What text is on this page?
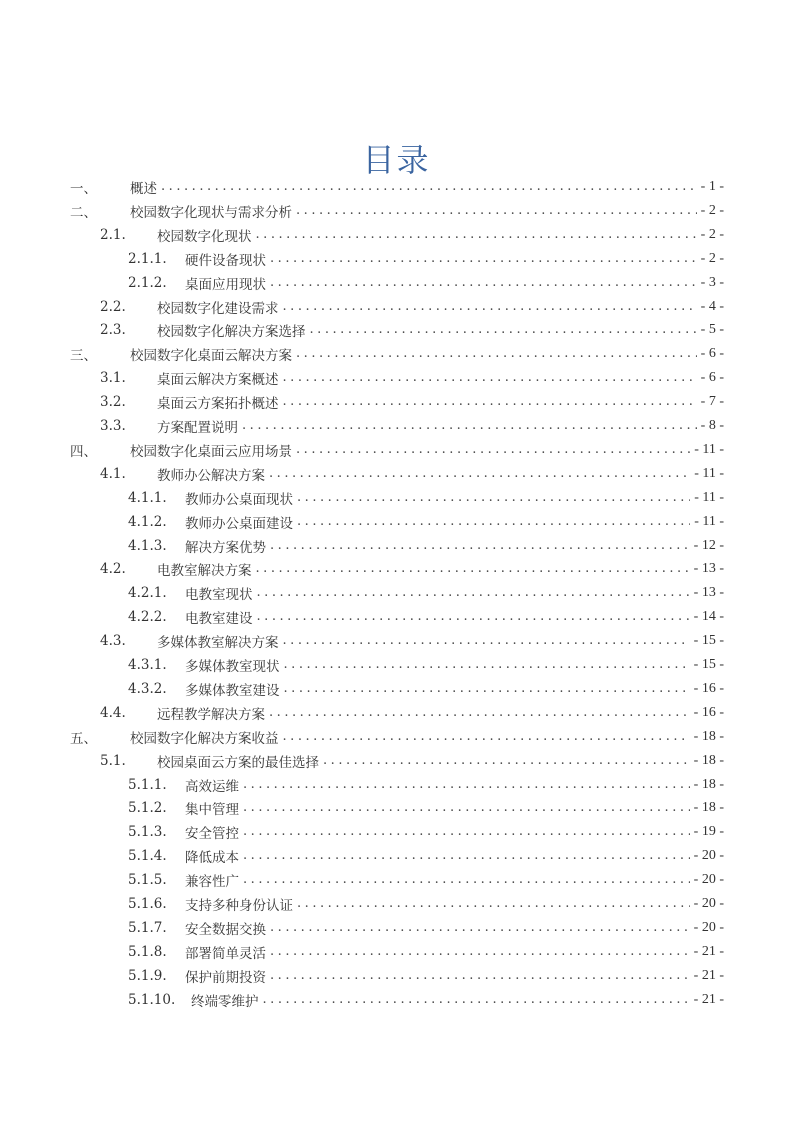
目录
一、	概述 . . .	- 1 -
二、	校园数字化现状与需求分析 . . .	- 2 -
2.1.	校园数字化现状 . . .	- 2 -
2.1.1.	硬件设备现状 . . .	- 2 -
2.1.2.	桌面应用现状 . . .	- 3 -
2.2.	校园数字化建设需求 . . .	- 4 -
2.3.	校园数字化解决方案选择 . . .	- 5 -
三、	校园数字化桌面云解决方案 . . .	- 6 -
3.1.	桌面云解决方案概述 . . .	- 6 -
3.2.	桌面云方案拓扑概述 . . .	- 7 -
3.3.	方案配置说明 . . .	- 8 -
四、	校园数字化桌面云应用场景 . . .	- 11 -
4.1.	教师办公解决方案 . . .	- 11 -
4.1.1.	教师办公桌面现状 . . .	- 11 -
4.1.2.	教师办公桌面建设 . . .	- 11 -
4.1.3.	解决方案优势 . . .	- 12 -
4.2.	电教室解决方案 . . .	- 13 -
4.2.1.	电教室现状 . . .	- 13 -
4.2.2.	电教室建设 . . .	- 14 -
4.3.	多媒体教室解决方案 . . .	- 15 -
4.3.1.	多媒体教室现状 . . .	- 15 -
4.3.2.	多媒体教室建设 . . .	- 16 -
4.4.	远程教学解决方案 . . .	- 16 -
五、	校园数字化解决方案收益 . . .	- 18 -
5.1.	校园桌面云方案的最佳选择 . . .	- 18 -
5.1.1.	高效运维 . . .	- 18 -
5.1.2.	集中管理 . . .	- 18 -
5.1.3.	安全管控 . . .	- 19 -
5.1.4.	降低成本 . . .	- 20 -
5.1.5.	兼容性广 . . .	- 20 -
5.1.6.	支持多种身份认证 . . .	- 20 -
5.1.7.	安全数据交换 . . .	- 20 -
5.1.8.	部署简单灵活 . . .	- 21 -
5.1.9.	保护前期投资 . . .	- 21 -
5.1.10.	终端零维护 . . .	- 21 -
